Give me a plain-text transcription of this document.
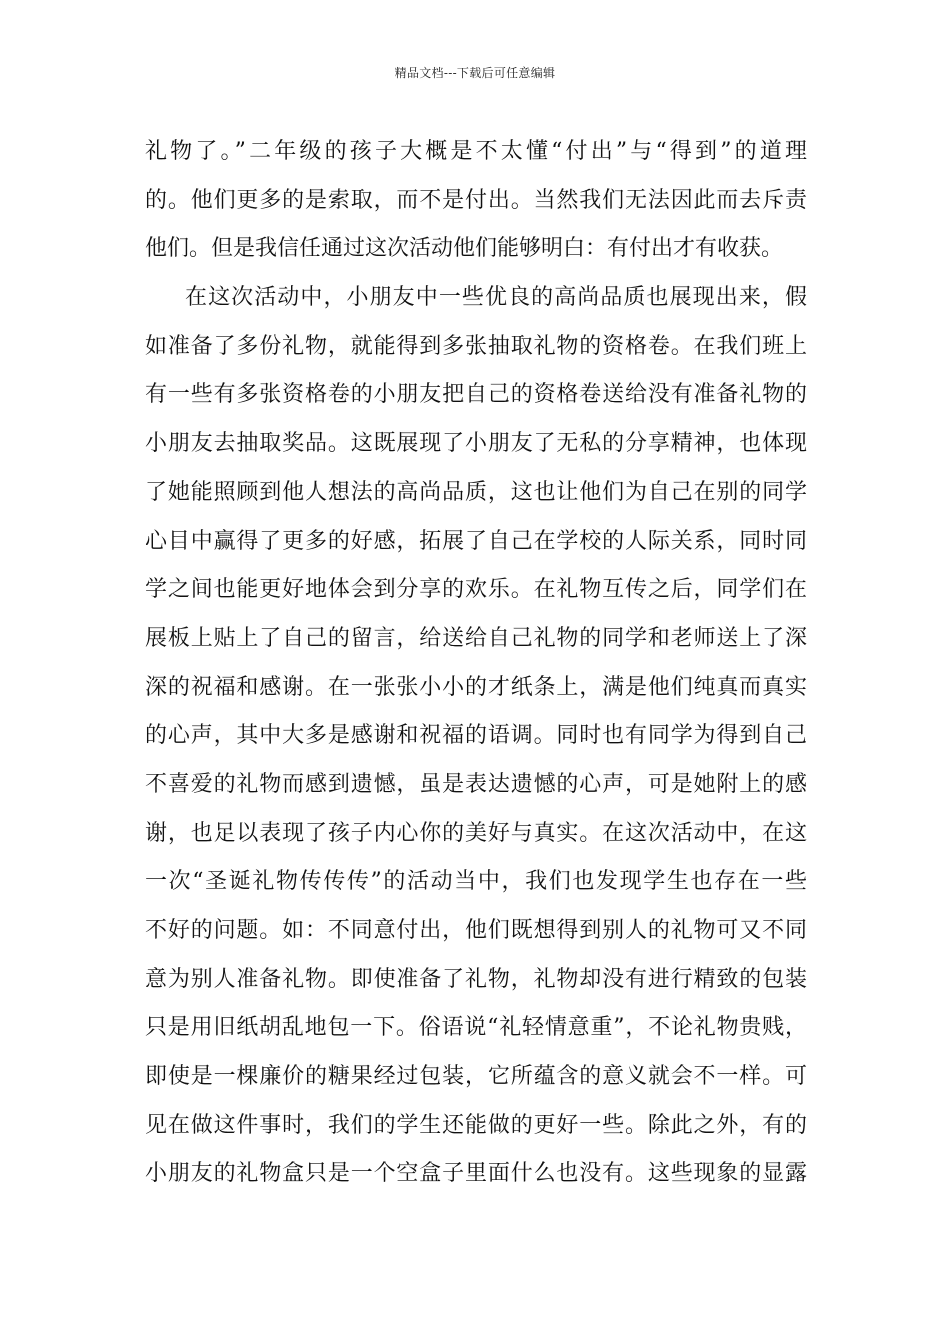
精品文档---下载后可任意编辑
礼物了。”二年级的孩子大概是不太懂“付出”与“得到”的道理
的。他们更多的是索取，而不是付出。当然我们无法因此而去斥责
他们。但是我信任通过这次活动他们能够明白：有付出才有收获。
在这次活动中，小朋友中一些优良的高尚品质也展现出来，假
如准备了多份礼物，就能得到多张抽取礼物的资格卷。在我们班上
有一些有多张资格卷的小朋友把自己的资格卷送给没有准备礼物的
小朋友去抽取奖品。这既展现了小朋友了无私的分享精神，也体现
了她能照顾到他人想法的高尚品质，这也让他们为自己在别的同学
心目中赢得了更多的好感，拓展了自己在学校的人际关系，同时同
学之间也能更好地体会到分享的欢乐。在礼物互传之后，同学们在
展板上贴上了自己的留言，给送给自己礼物的同学和老师送上了深
深的祝福和感谢。在一张张小小的才纸条上，满是他们纯真而真实
的心声，其中大多是感谢和祝福的语调。同时也有同学为得到自己
不喜爱的礼物而感到遗憾，虽是表达遗憾的心声，可是她附上的感
谢，也足以表现了孩子内心你的美好与真实。在这次活动中，在这
一次“圣诞礼物传传传”的活动当中，我们也发现学生也存在一些
不好的问题。如：不同意付出，他们既想得到别人的礼物可又不同
意为别人准备礼物。即使准备了礼物，礼物却没有进行精致的包装
只是用旧纸胡乱地包一下。俗语说“礼轻情意重”，不论礼物贵贱，
即使是一棵廉价的糖果经过包装，它所蕴含的意义就会不一样。可
见在做这件事时，我们的学生还能做的更好一些。除此之外，有的
小朋友的礼物盒只是一个空盒子里面什么也没有。这些现象的显露
